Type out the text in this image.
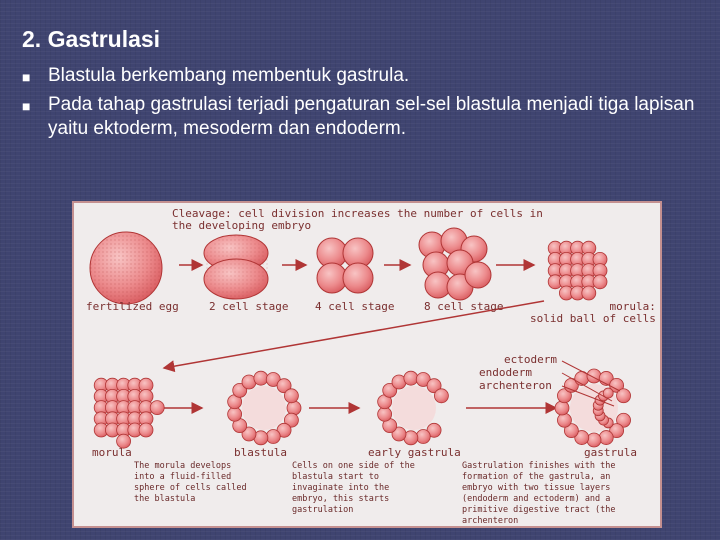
2. Gastrulasi
■ Blastula berkembang membentuk gastrula.
■ Pada tahap gastrulasi terjadi pengaturan sel-sel blastula menjadi tiga lapisan yaitu ektoderm, mesoderm dan endoderm.
Cleavage: cell division increases the number of cells in
the developing embryo
fertilized egg	2 cell stage 4 cell stage	8 cell stage	morula:
solid ball of cells
ectoderm
endoderm
archenteron
morula	blastula	early gastrula	gastrula
The morula develops
into a fluid-filled
sphere of cells called
the blastula
Cells on one side of the
blastula start to
invaginate into the
embryo, this starts
gastrulation
Gastrulation finishes with the
formation of the gastrula, an
embryo with two tissue layers
(endoderm and ectoderm) and a
primitive digestive tract (the
archenteron
